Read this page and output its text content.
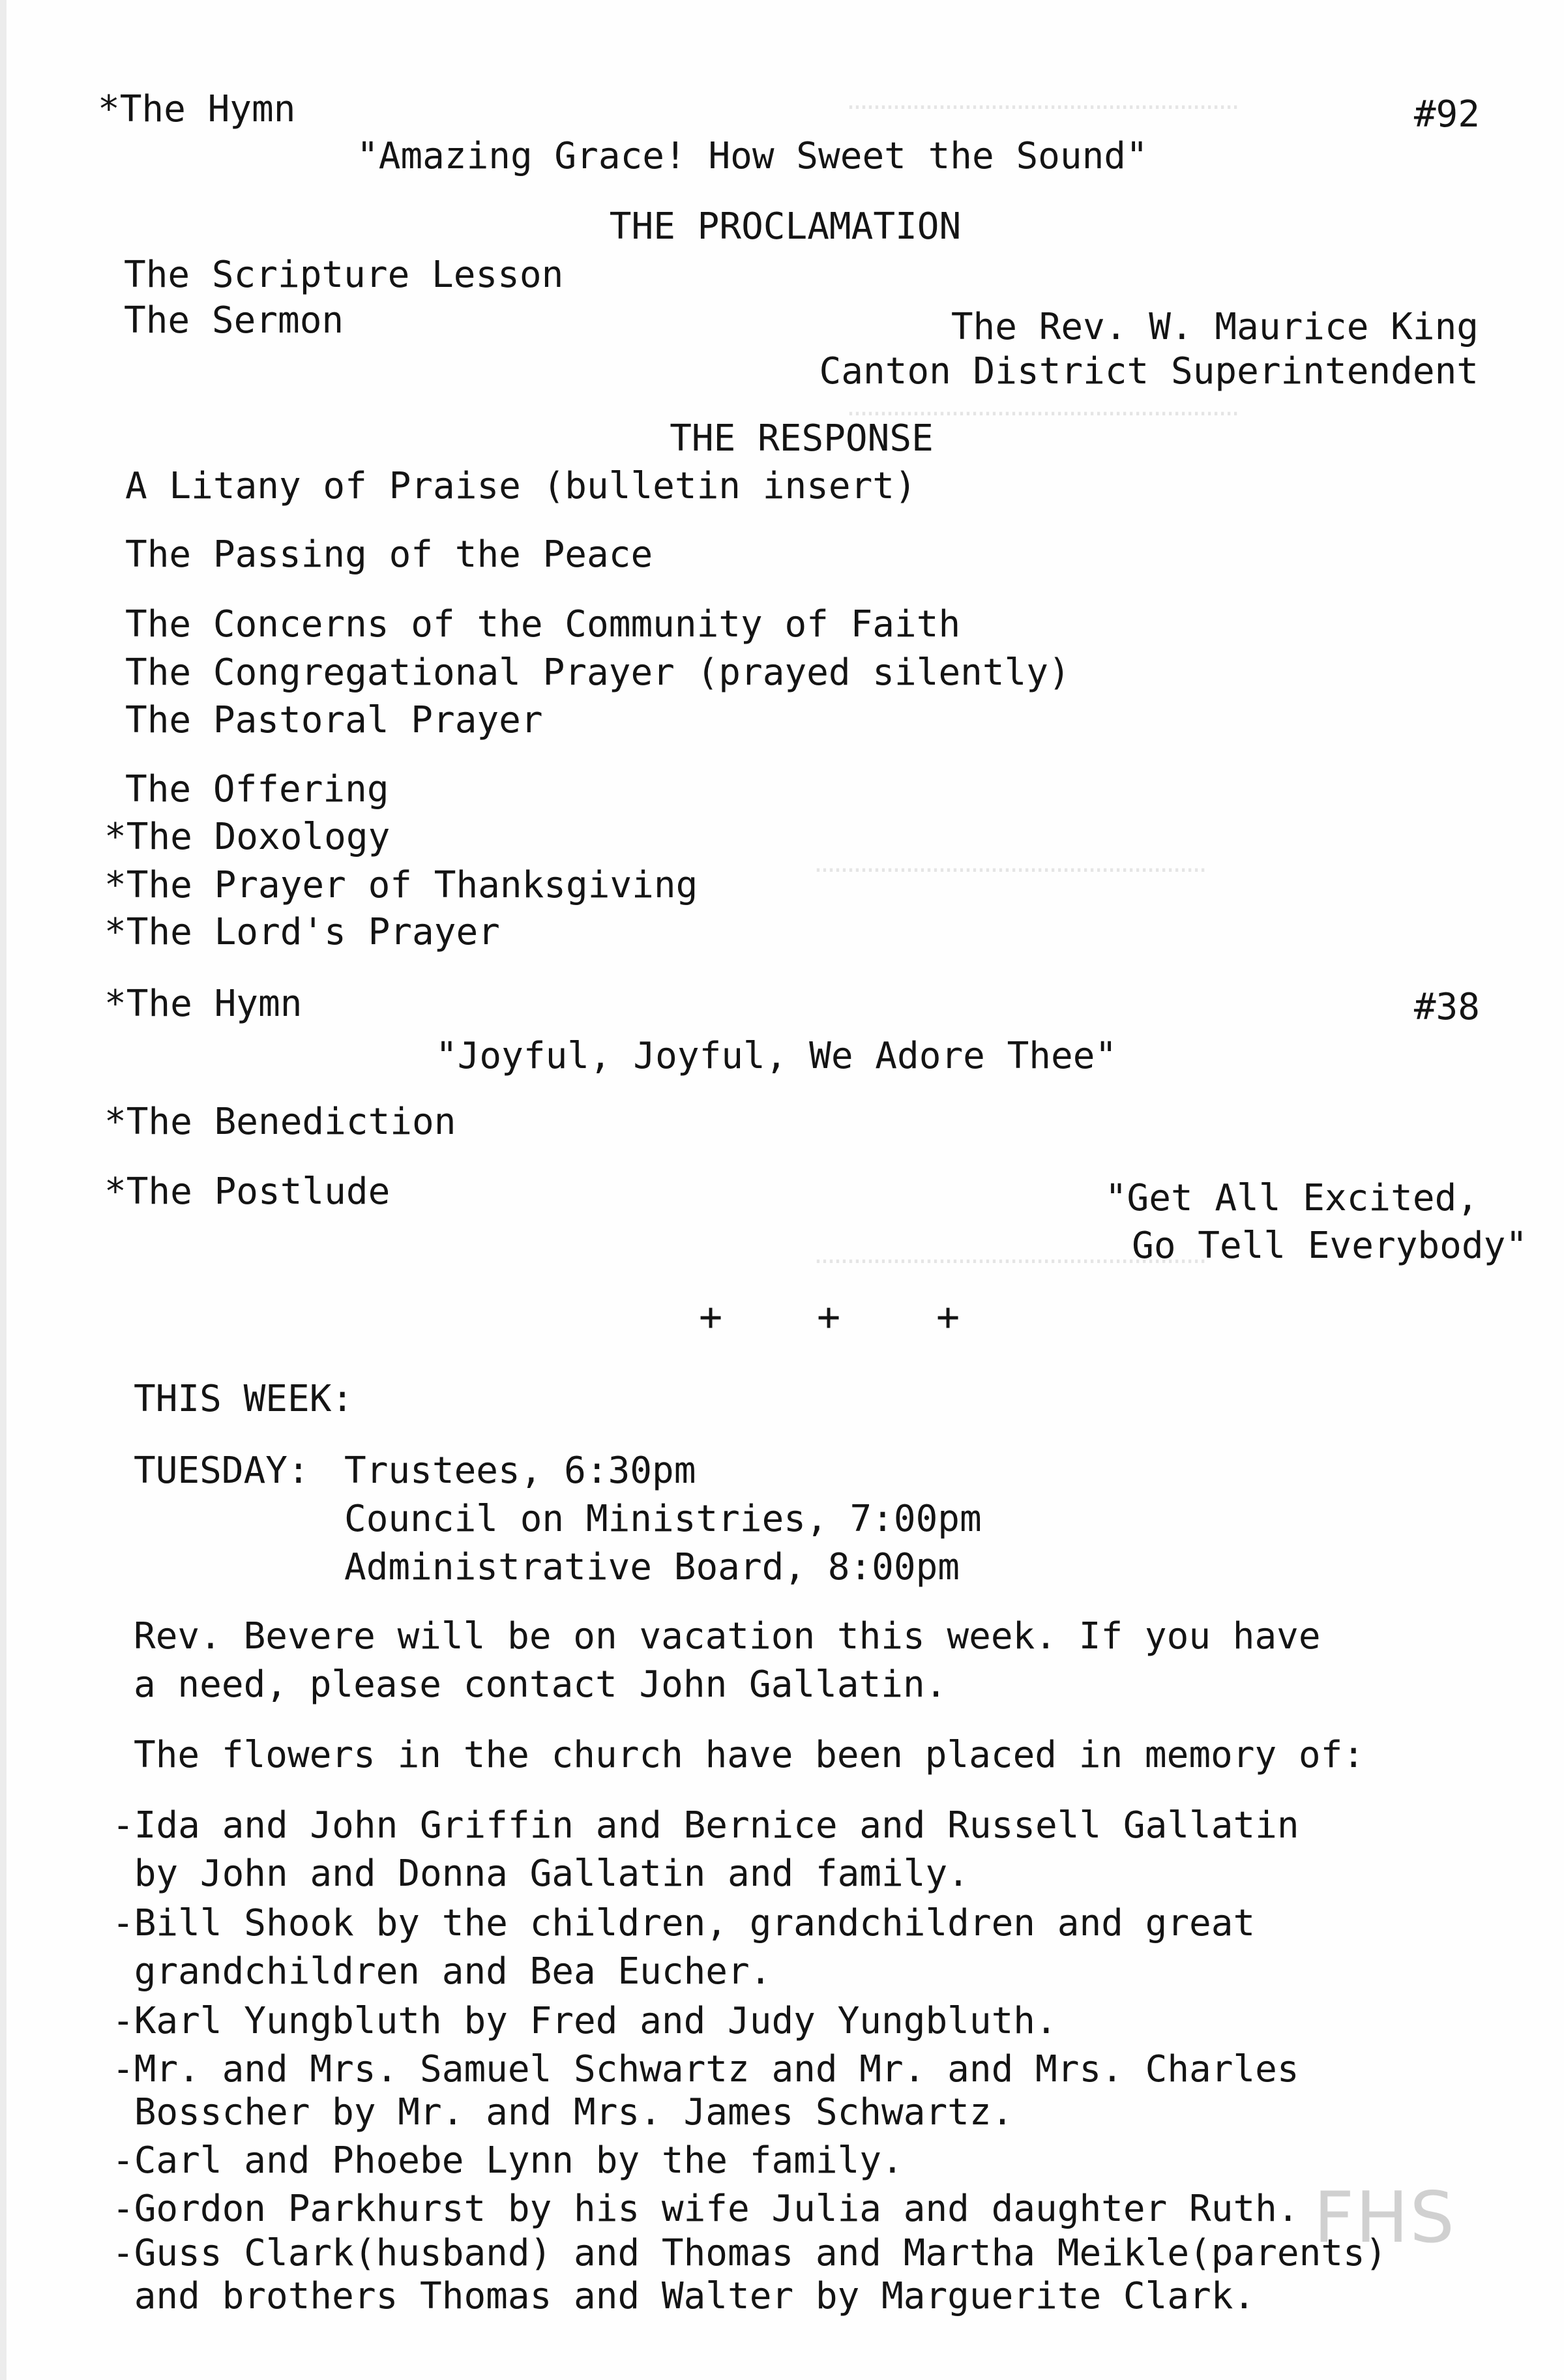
……………………………………………………
……………………………………………………
……………………………………………………
……………………………………………………
*The Hymn	#92
"Amazing Grace! How Sweet the Sound"
THE PROCLAMATION
The Scripture Lesson
The Sermon	The Rev. W. Maurice King
Canton District Superintendent
THE RESPONSE
A Litany of Praise (bulletin insert)
The Passing of the Peace
The Concerns of the Community of Faith
The Congregational Prayer (prayed silently)
The Pastoral Prayer
The Offering
*The Doxology
*The Prayer of Thanksgiving
*The Lord's Prayer
*The Hymn	#38
"Joyful, Joyful, We Adore Thee"
*The Benediction
*The Postlude	"Get All Excited,
Go Tell Everybody"
+ + +
THIS WEEK:
TUESDAY: Trustees, 6:30pm
Council on Ministries, 7:00pm
Administrative Board, 8:00pm
Rev. Bevere will be on vacation this week. If you have
a need, please contact John Gallatin.
The flowers in the church have been placed in memory of:
-Ida and John Griffin and Bernice and Russell Gallatin
by John and Donna Gallatin and family.
-Bill Shook by the children, grandchildren and great
grandchildren and Bea Eucher.
-Karl Yungbluth by Fred and Judy Yungbluth.
-Mr. and Mrs. Samuel Schwartz and Mr. and Mrs. Charles
Bosscher by Mr. and Mrs. James Schwartz.
-Carl and Phoebe Lynn by the family.
-Gordon Parkhurst by his wife Julia and daughter Ruth.
-Guss Clark(husband) and Thomas and Martha Meikle(parents)
and brothers Thomas and Walter by Marguerite Clark.
FHS
